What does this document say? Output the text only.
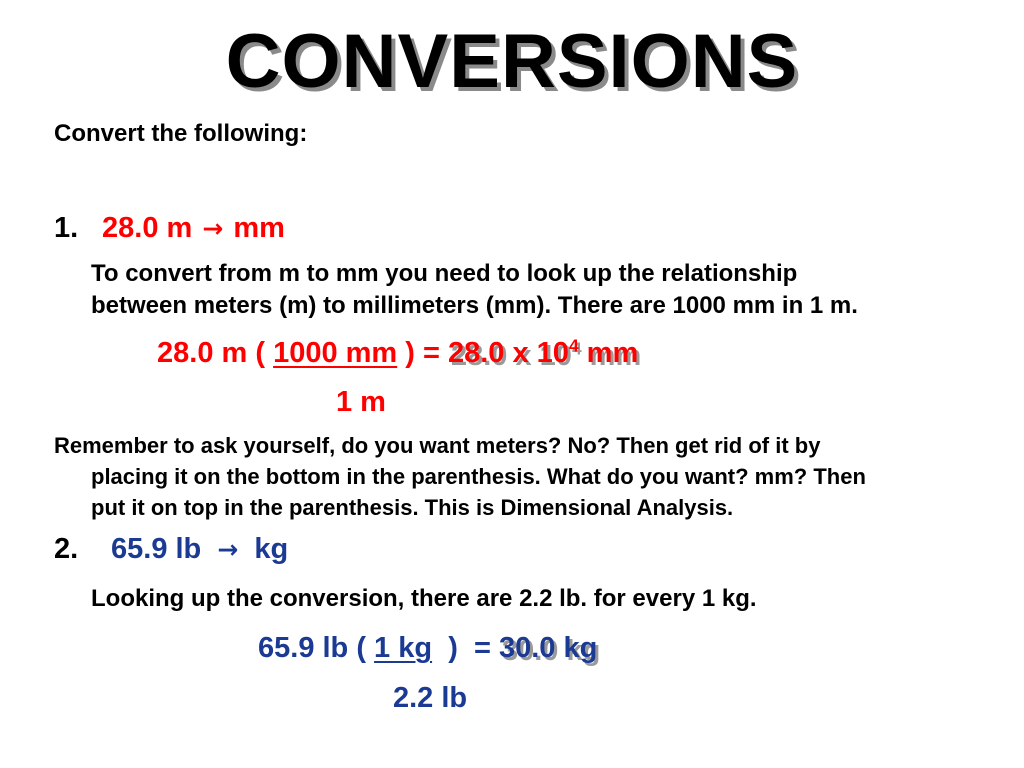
CONVERSIONS
Convert the following:
1. 28.0 m → mm
To convert from m to mm you need to look up the relationship
between meters (m) to millimeters (mm). There are 1000 mm in 1 m.
28.0 m ( 1000 mm ) = 28.0 x $10^4$ mm
1 m
Remember to ask yourself, do you want meters? No? Then get rid of it by
placing it on the bottom in the parenthesis. What do you want? mm? Then
put it on top in the parenthesis. This is Dimensional Analysis.
2. 65.9 lb → kg
Looking up the conversion, there are 2.2 lb. for every 1 kg.
65.9 lb ( 1 kg  )  = 30.0 kg
2.2 lb
